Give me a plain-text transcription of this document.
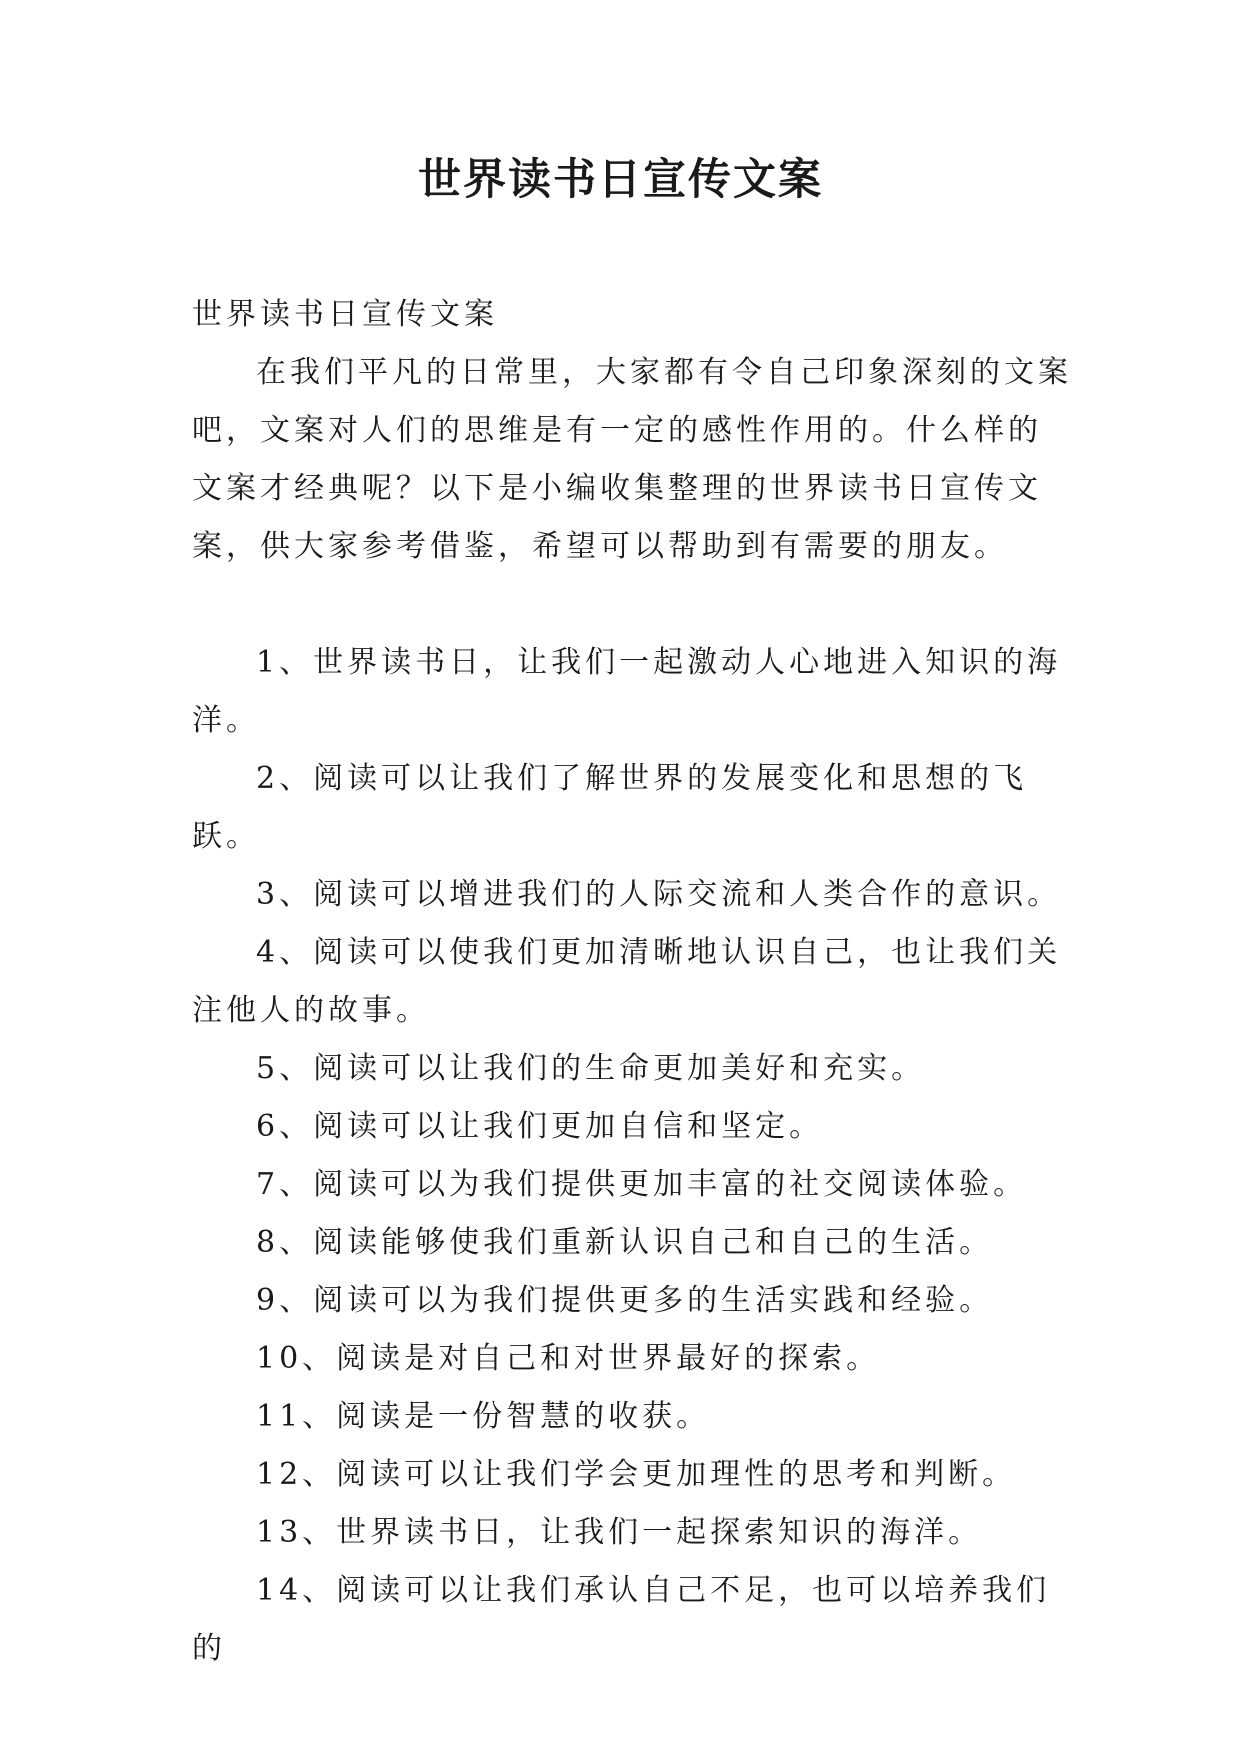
世界读书日宣传文案

世界读书日宣传文案

在我们平凡的日常里，大家都有令自己印象深刻的文案吧，文案对人们的思维是有一定的感性作用的。什么样的文案才经典呢？以下是小编收集整理的世界读书日宣传文案，供大家参考借鉴，希望可以帮助到有需要的朋友。

1、世界读书日，让我们一起激动人心地进入知识的海洋。

2、阅读可以让我们了解世界的发展变化和思想的飞跃。

3、阅读可以增进我们的人际交流和人类合作的意识。

4、阅读可以使我们更加清晰地认识自己，也让我们关注他人的故事。

5、阅读可以让我们的生命更加美好和充实。

6、阅读可以让我们更加自信和坚定。

7、阅读可以为我们提供更加丰富的社交阅读体验。

8、阅读能够使我们重新认识自己和自己的生活。

9、阅读可以为我们提供更多的生活实践和经验。

10、阅读是对自己和对世界最好的探索。

11、阅读是一份智慧的收获。

12、阅读可以让我们学会更加理性的思考和判断。

13、世界读书日，让我们一起探索知识的海洋。

14、阅读可以让我们承认自己不足，也可以培养我们的
